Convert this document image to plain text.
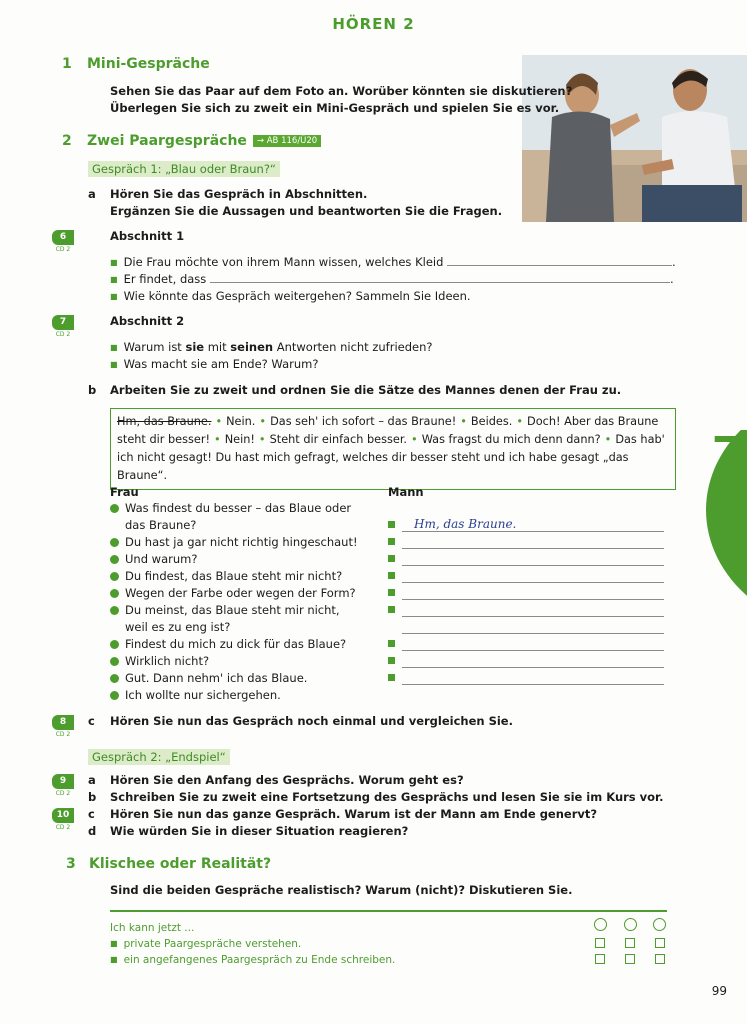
HÖREN 2
1 Mini-Gespräche
Sehen Sie das Paar auf dem Foto an. Worüber könnten sie diskutieren?
Überlegen Sie sich zu zweit ein Mini-Gespräch und spielen Sie es vor.
2 Zwei Paargespräche → AB 116/Ü20
Gespräch 1: „Blau oder Braun?“
a Hören Sie das Gespräch in Abschnitten.
Ergänzen Sie die Aussagen und beantworten Sie die Fragen.
6
CD 2
Abschnitt 1
■ Die Frau möchte von ihrem Mann wissen, welches Kleid	.
■ Er findet, dass	.
■ Wie könnte das Gespräch weitergehen? Sammeln Sie Ideen.
7
CD 2
Abschnitt 2
■ Warum ist sie mit seinen Antworten nicht zufrieden?
■ Was macht sie am Ende? Warum?
b Arbeiten Sie zu zweit und ordnen Sie die Sätze des Mannes denen der Frau zu.
Hm, das Braune. • Nein. • Das seh' ich sofort – das Braune! • Beides. • Doch! Aber das Braune steht dir besser! • Nein! • Steht dir einfach besser. • Was fragst du mich denn dann? • Das hab' ich nicht gesagt! Du hast mich gefragt, welches dir besser steht und ich habe gesagt „das Braune“.
Frau
Was findest du besser – das Blaue oder
das Braune?
Du hast ja gar nicht richtig hingeschaut!
Und warum?
Du findest, das Blaue steht mir nicht?
Wegen der Farbe oder wegen der Form?
Du meinst, das Blaue steht mir nicht,
weil es zu eng ist?
Findest du mich zu dick für das Blaue?
Wirklich nicht?
Gut. Dann nehm' ich das Blaue.
Ich wollte nur sichergehen.
Mann
Hm, das Braune.
8
CD 2
c Hören Sie nun das Gespräch noch einmal und vergleichen Sie.
Gespräch 2: „Endspiel“
9
CD 2
10
CD 2
a Hören Sie den Anfang des Gesprächs. Worum geht es?
b Schreiben Sie zu zweit eine Fortsetzung des Gesprächs und lesen Sie sie im Kurs vor.
c Hören Sie nun das ganze Gespräch. Warum ist der Mann am Ende genervt?
d Wie würden Sie in dieser Situation reagieren?
3 Klischee oder Realität?
Sind die beiden Gespräche realistisch? Warum (nicht)? Diskutieren Sie.
Ich kann jetzt ...
■ private Paargespräche verstehen.
■ ein angefangenes Paargespräch zu Ende schreiben.
7
99
